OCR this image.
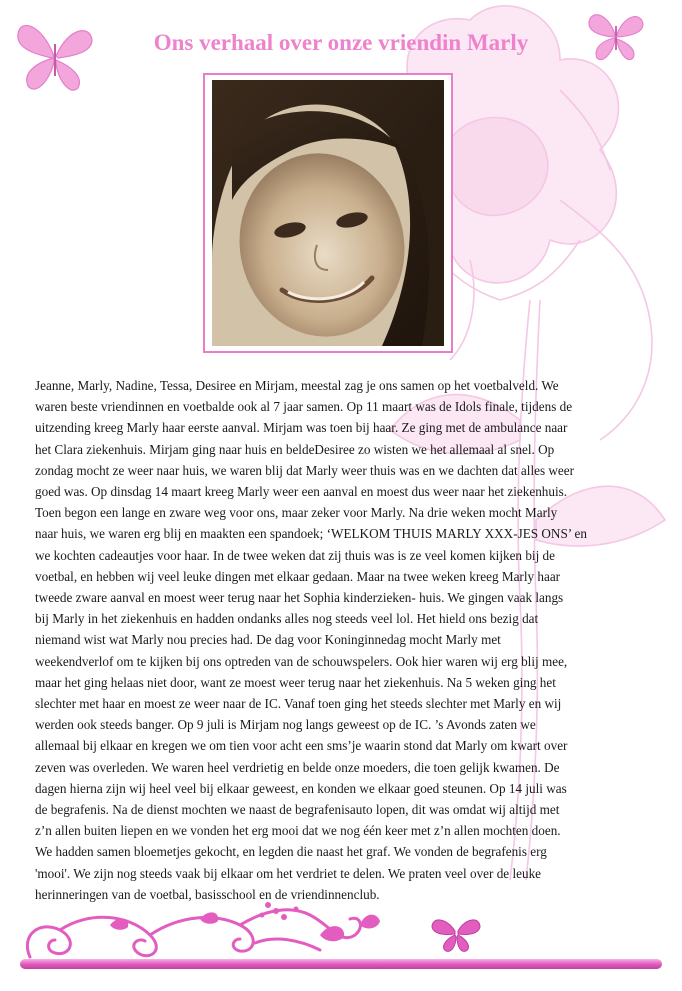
Ons verhaal over onze vriendin Marly
Jeanne, Marly, Nadine, Tessa, Desiree en Mirjam, meestal zag je ons samen op het voetbalveld. We
waren beste vriendinnen en voetbalde ook al 7 jaar samen. Op 11 maart was de Idols finale, tijdens de
uitzending kreeg Marly haar eerste aanval. Mirjam was toen bij haar. Ze ging met de ambulance naar
het Clara ziekenhuis. Mirjam ging naar huis en beldeDesiree zo wisten we het allemaal al snel. Op
zondag mocht ze weer naar huis, we waren blij dat Marly weer thuis was en we dachten dat alles weer
goed was. Op dinsdag 14 maart kreeg Marly weer een aanval en moest dus weer naar het ziekenhuis.
Toen begon een lange en zware weg voor ons, maar zeker voor Marly. Na drie weken mocht Marly
naar huis, we waren erg blij en maakten een spandoek; ‘WELKOM THUIS MARLY XXX-JES ONS’ en
we kochten cadeautjes voor haar. In de twee weken dat zij thuis was is ze veel komen kijken bij de
voetbal, en hebben wij veel leuke dingen met elkaar gedaan. Maar na twee weken kreeg Marly haar
tweede zware aanval en moest weer terug naar het Sophia kinderzieken- huis. We gingen vaak langs
bij Marly in het ziekenhuis en hadden ondanks alles nog steeds veel lol. Het hield ons bezig dat
niemand wist wat Marly nou precies had. De dag voor Koninginnedag mocht Marly met
weekendverlof om te kijken bij ons optreden van de schouwspelers. Ook hier waren wij erg blij mee,
maar het ging helaas niet door, want ze moest weer terug naar het ziekenhuis. Na 5 weken ging het
slechter met haar en moest ze weer naar de IC. Vanaf toen ging het steeds slechter met Marly en wij
werden ook steeds banger. Op 9 juli is Mirjam nog langs geweest op de IC. ’s Avonds zaten we
allemaal bij elkaar en kregen we om tien voor acht een sms’je waarin stond dat Marly om kwart over
zeven was overleden. We waren heel verdrietig en belde onze moeders, die toen gelijk kwamen. De
dagen hierna zijn wij heel veel bij elkaar geweest, en konden we elkaar goed steunen. Op 14 juli was
de begrafenis. Na de dienst mochten we naast de begrafenisauto lopen, dit was omdat wij altijd met
z’n allen buiten liepen en we vonden het erg mooi dat we nog één keer met z’n allen mochten doen.
We hadden samen bloemetjes gekocht, en legden die naast het graf. We vonden de begrafenis erg
'mooi'. We zijn nog steeds vaak bij elkaar om het verdriet te delen. We praten veel over de leuke
herinneringen van de voetbal, basisschool en de vriendinnenclub.
